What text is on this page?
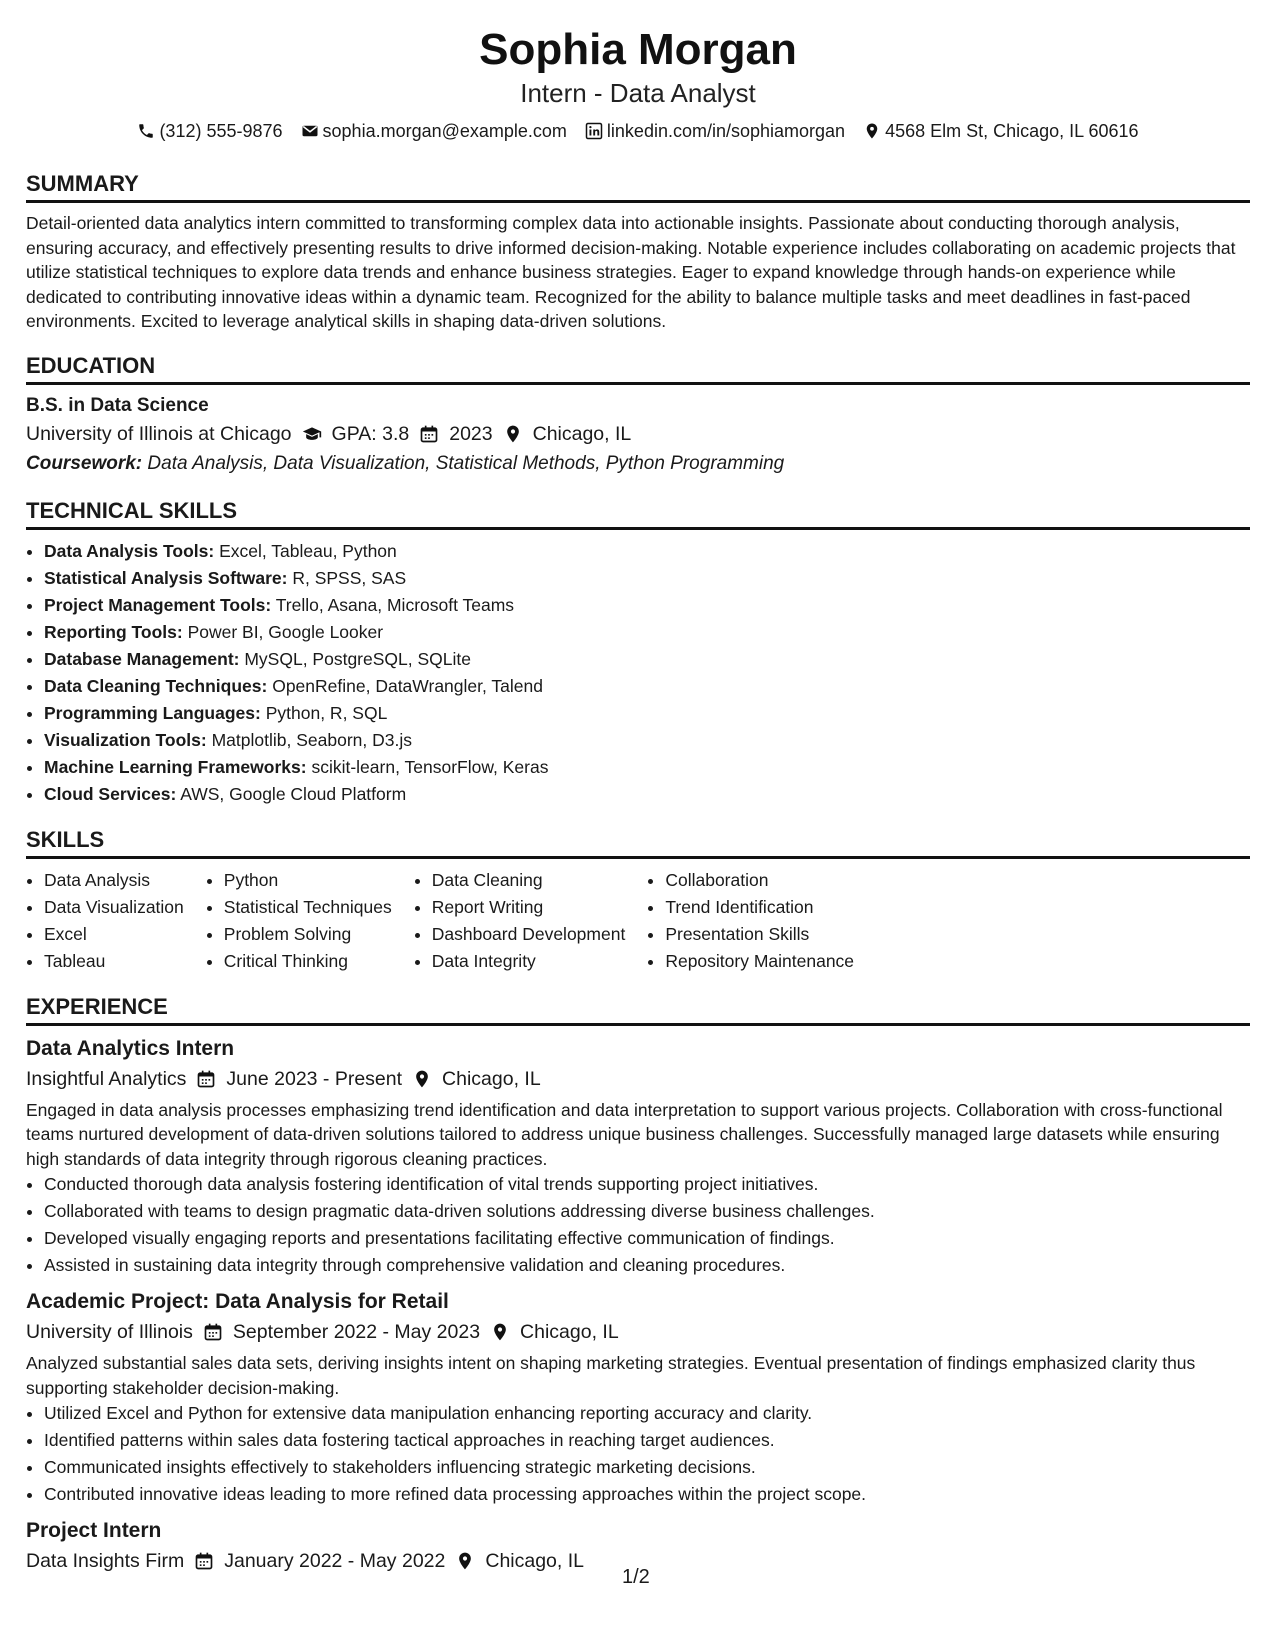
Sophia Morgan
Intern - Data Analyst
(312) 555-9876 sophia.morgan@example.com linkedin.com/in/sophiamorgan 4568 Elm St, Chicago, IL 60616
SUMMARY

Detail-oriented data analytics intern committed to transforming complex data into actionable insights. Passionate about conducting thorough analysis, ensuring accuracy, and effectively presenting results to drive informed decision-making. Notable experience includes collaborating on academic projects that utilize statistical techniques to explore data trends and enhance business strategies. Eager to expand knowledge through hands-on experience while dedicated to contributing innovative ideas within a dynamic team. Recognized for the ability to balance multiple tasks and meet deadlines in fast-paced environments. Excited to leverage analytical skills in shaping data-driven solutions.

EDUCATION
B.S. in Data Science
University of Illinois at Chicago GPA: 3.8 2023 Chicago, IL
Coursework: Data Analysis, Data Visualization, Statistical Methods, Python Programming
TECHNICAL SKILLS
• Data Analysis Tools: Excel, Tableau, Python
• Statistical Analysis Software: R, SPSS, SAS
• Project Management Tools: Trello, Asana, Microsoft Teams
• Reporting Tools: Power BI, Google Looker
• Database Management: MySQL, PostgreSQL, SQLite
• Data Cleaning Techniques: OpenRefine, DataWrangler, Talend
• Programming Languages: Python, R, SQL
• Visualization Tools: Matplotlib, Seaborn, D3.js
• Machine Learning Frameworks: scikit-learn, TensorFlow, Keras
• Cloud Services: AWS, Google Cloud Platform
SKILLS
• Data Analysis
• Data Visualization
• Excel
• Tableau
• Python
• Statistical Techniques
• Problem Solving
• Critical Thinking
• Data Cleaning
• Report Writing
• Dashboard Development
• Data Integrity
• Collaboration
• Trend Identification
• Presentation Skills
• Repository Maintenance
EXPERIENCE
Data Analytics Intern
Insightful Analytics June 2023 - Present Chicago, IL

Engaged in data analysis processes emphasizing trend identification and data interpretation to support various projects. Collaboration with cross-functional teams nurtured development of data-driven solutions tailored to address unique business challenges. Successfully managed large datasets while ensuring high standards of data integrity through rigorous cleaning practices.

• Conducted thorough data analysis fostering identification of vital trends supporting project initiatives.
• Collaborated with teams to design pragmatic data-driven solutions addressing diverse business challenges.
• Developed visually engaging reports and presentations facilitating effective communication of findings.
• Assisted in sustaining data integrity through comprehensive validation and cleaning procedures.
Academic Project: Data Analysis for Retail
University of Illinois September 2022 - May 2023 Chicago, IL

Analyzed substantial sales data sets, deriving insights intent on shaping marketing strategies. Eventual presentation of findings emphasized clarity thus supporting stakeholder decision-making.

• Utilized Excel and Python for extensive data manipulation enhancing reporting accuracy and clarity.
• Identified patterns within sales data fostering tactical approaches in reaching target audiences.
• Communicated insights effectively to stakeholders influencing strategic marketing decisions.
• Contributed innovative ideas leading to more refined data processing approaches within the project scope.
Project Intern
Data Insights Firm January 2022 - May 2022 Chicago, IL
1/2
